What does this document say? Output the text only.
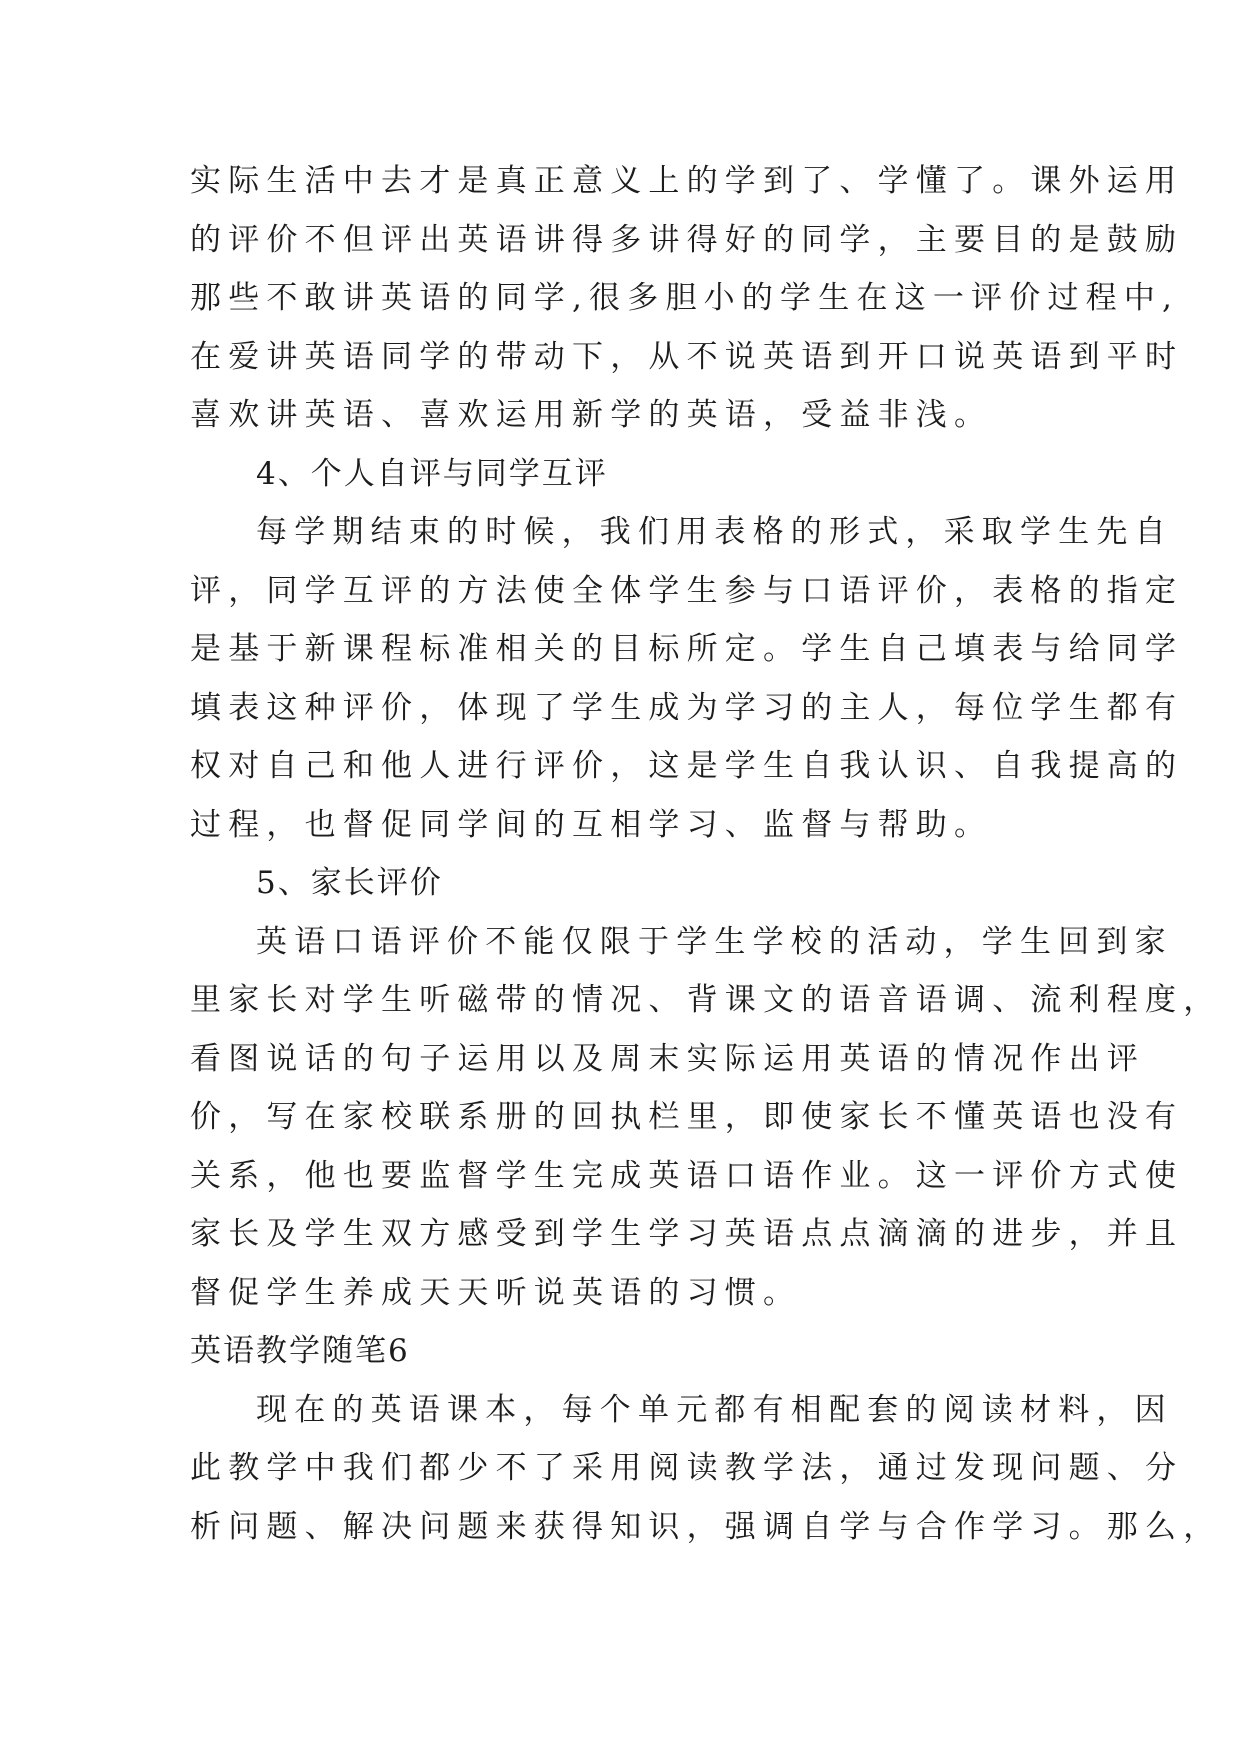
实际生活中去才是真正意义上的学到了、学懂了。课外运用
的评价不但评出英语讲得多讲得好的同学，主要目的是鼓励
那些不敢讲英语的同学,很多胆小的学生在这一评价过程中,
在爱讲英语同学的带动下，从不说英语到开口说英语到平时
喜欢讲英语、喜欢运用新学的英语，受益非浅。
4、个人自评与同学互评
每学期结束的时候，我们用表格的形式，采取学生先自
评，同学互评的方法使全体学生参与口语评价，表格的指定
是基于新课程标准相关的目标所定。学生自己填表与给同学
填表这种评价，体现了学生成为学习的主人，每位学生都有
权对自己和他人进行评价，这是学生自我认识、自我提高的
过程，也督促同学间的互相学习、监督与帮助。
5、家长评价
英语口语评价不能仅限于学生学校的活动，学生回到家
里家长对学生听磁带的情况、背课文的语音语调、流利程度，
看图说话的句子运用以及周末实际运用英语的情况作出评
价，写在家校联系册的回执栏里，即使家长不懂英语也没有
关系，他也要监督学生完成英语口语作业。这一评价方式使
家长及学生双方感受到学生学习英语点点滴滴的进步，并且
督促学生养成天天听说英语的习惯。
英语教学随笔6
现在的英语课本，每个单元都有相配套的阅读材料，因
此教学中我们都少不了采用阅读教学法，通过发现问题、分
析问题、解决问题来获得知识，强调自学与合作学习。那么，
